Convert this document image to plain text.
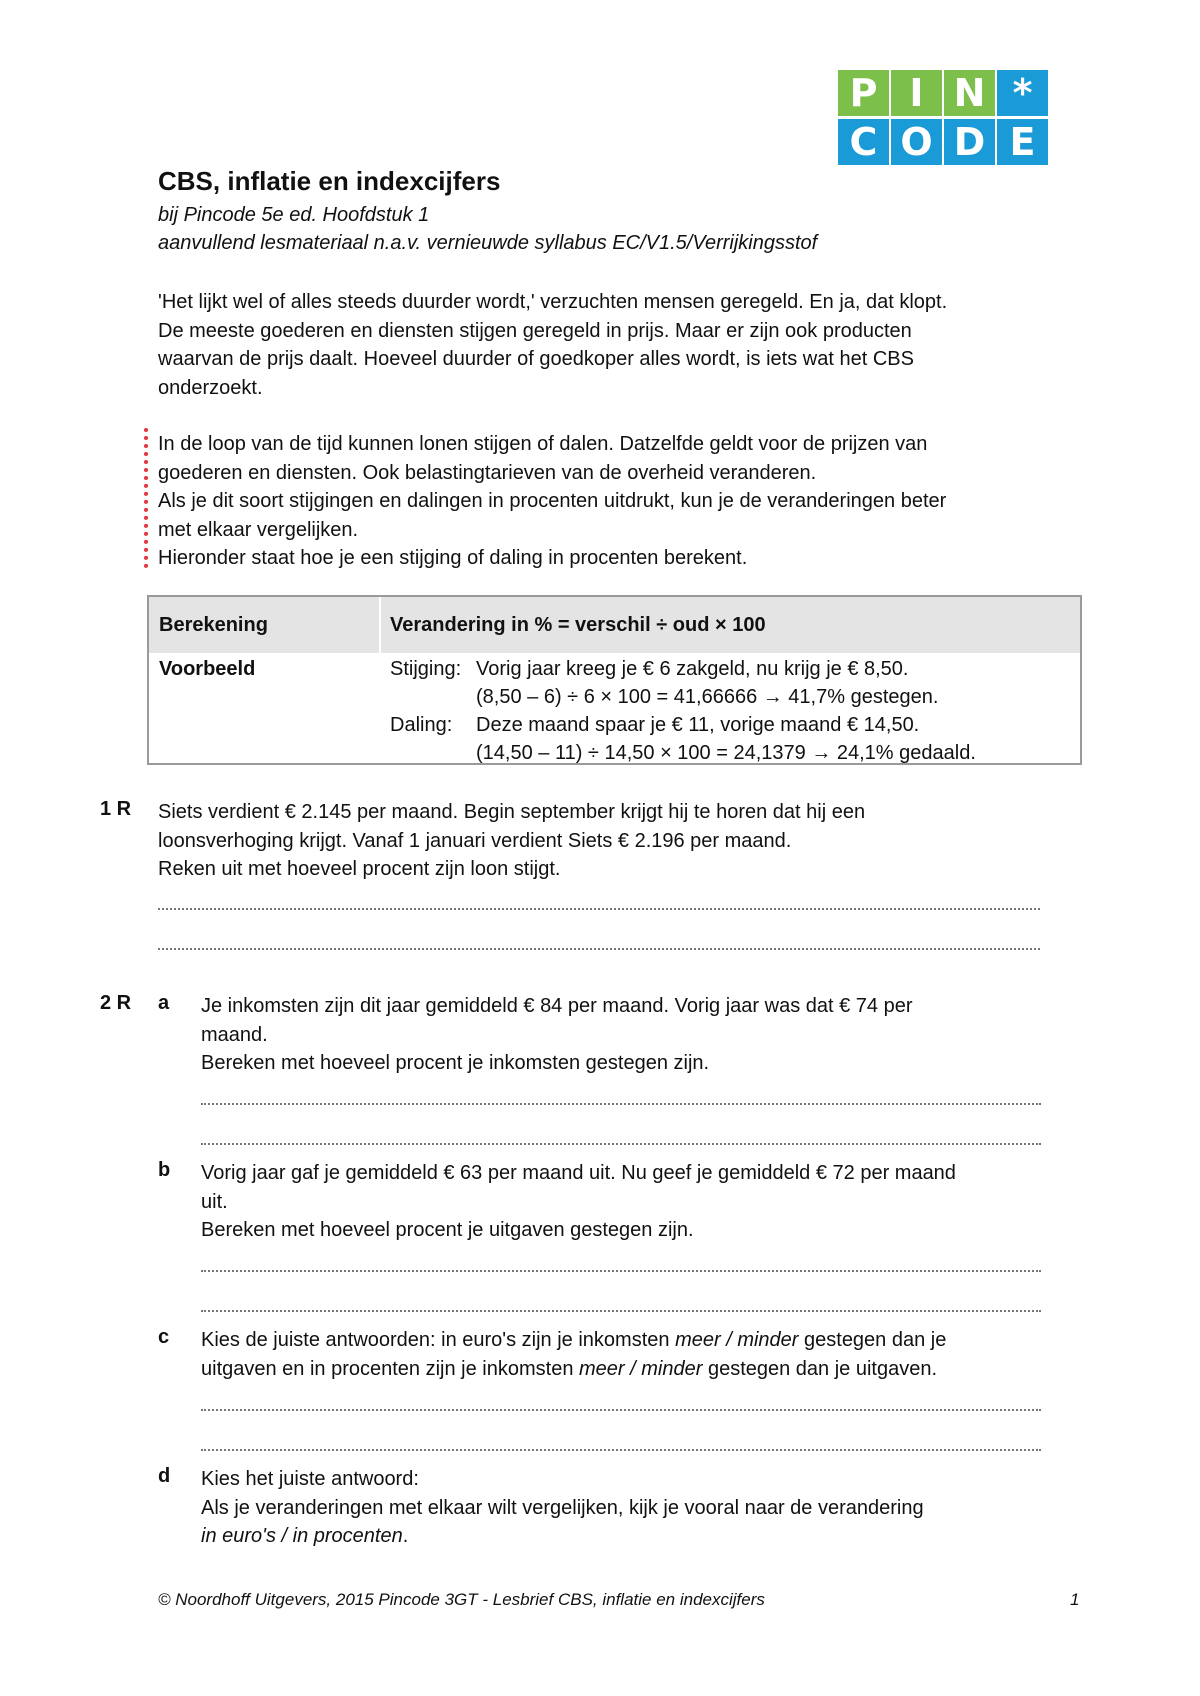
P I N *
C O D E
CBS, inflatie en indexcijfers
bij Pincode 5e ed. Hoofdstuk 1
aanvullend lesmateriaal n.a.v. vernieuwde syllabus EC/V1.5/Verrijkingsstof
'Het lijkt wel of alles steeds duurder wordt,' verzuchten mensen geregeld. En ja, dat klopt.
De meeste goederen en diensten stijgen geregeld in prijs. Maar er zijn ook producten
waarvan de prijs daalt. Hoeveel duurder of goedkoper alles wordt, is iets wat het CBS
onderzoekt.
In de loop van de tijd kunnen lonen stijgen of dalen. Datzelfde geldt voor de prijzen van
goederen en diensten. Ook belastingtarieven van de overheid veranderen.
Als je dit soort stijgingen en dalingen in procenten uitdrukt, kun je de veranderingen beter
met elkaar vergelijken.
Hieronder staat hoe je een stijging of daling in procenten berekent.
Berekening	Verandering in % = verschil ÷ oud × 100
Voorbeeld	Stijging: Vorig jaar kreeg je € 6 zakgeld, nu krijg je € 8,50.
(8,50 – 6) ÷ 6 × 100 = 41,66666 → 41,7% gestegen.
Daling: Deze maand spaar je € 11, vorige maand € 14,50.
(14,50 – 11) ÷ 14,50 × 100 = 24,1379 → 24,1% gedaald.
1 R Siets verdient € 2.145 per maand. Begin september krijgt hij te horen dat hij een
loonsverhoging krijgt. Vanaf 1 januari verdient Siets € 2.196 per maand.
Reken uit met hoeveel procent zijn loon stijgt.
2 R a Je inkomsten zijn dit jaar gemiddeld € 84 per maand. Vorig jaar was dat € 74 per
maand.
Bereken met hoeveel procent je inkomsten gestegen zijn.
b Vorig jaar gaf je gemiddeld € 63 per maand uit. Nu geef je gemiddeld € 72 per maand
uit.
Bereken met hoeveel procent je uitgaven gestegen zijn.
c Kies de juiste antwoorden: in euro's zijn je inkomsten meer / minder gestegen dan je
uitgaven en in procenten zijn je inkomsten meer / minder gestegen dan je uitgaven.
d Kies het juiste antwoord:
Als je veranderingen met elkaar wilt vergelijken, kijk je vooral naar de verandering
in euro's / in procenten.
© Noordhoff Uitgevers, 2015 Pincode 3GT - Lesbrief CBS, inflatie en indexcijfers	1
